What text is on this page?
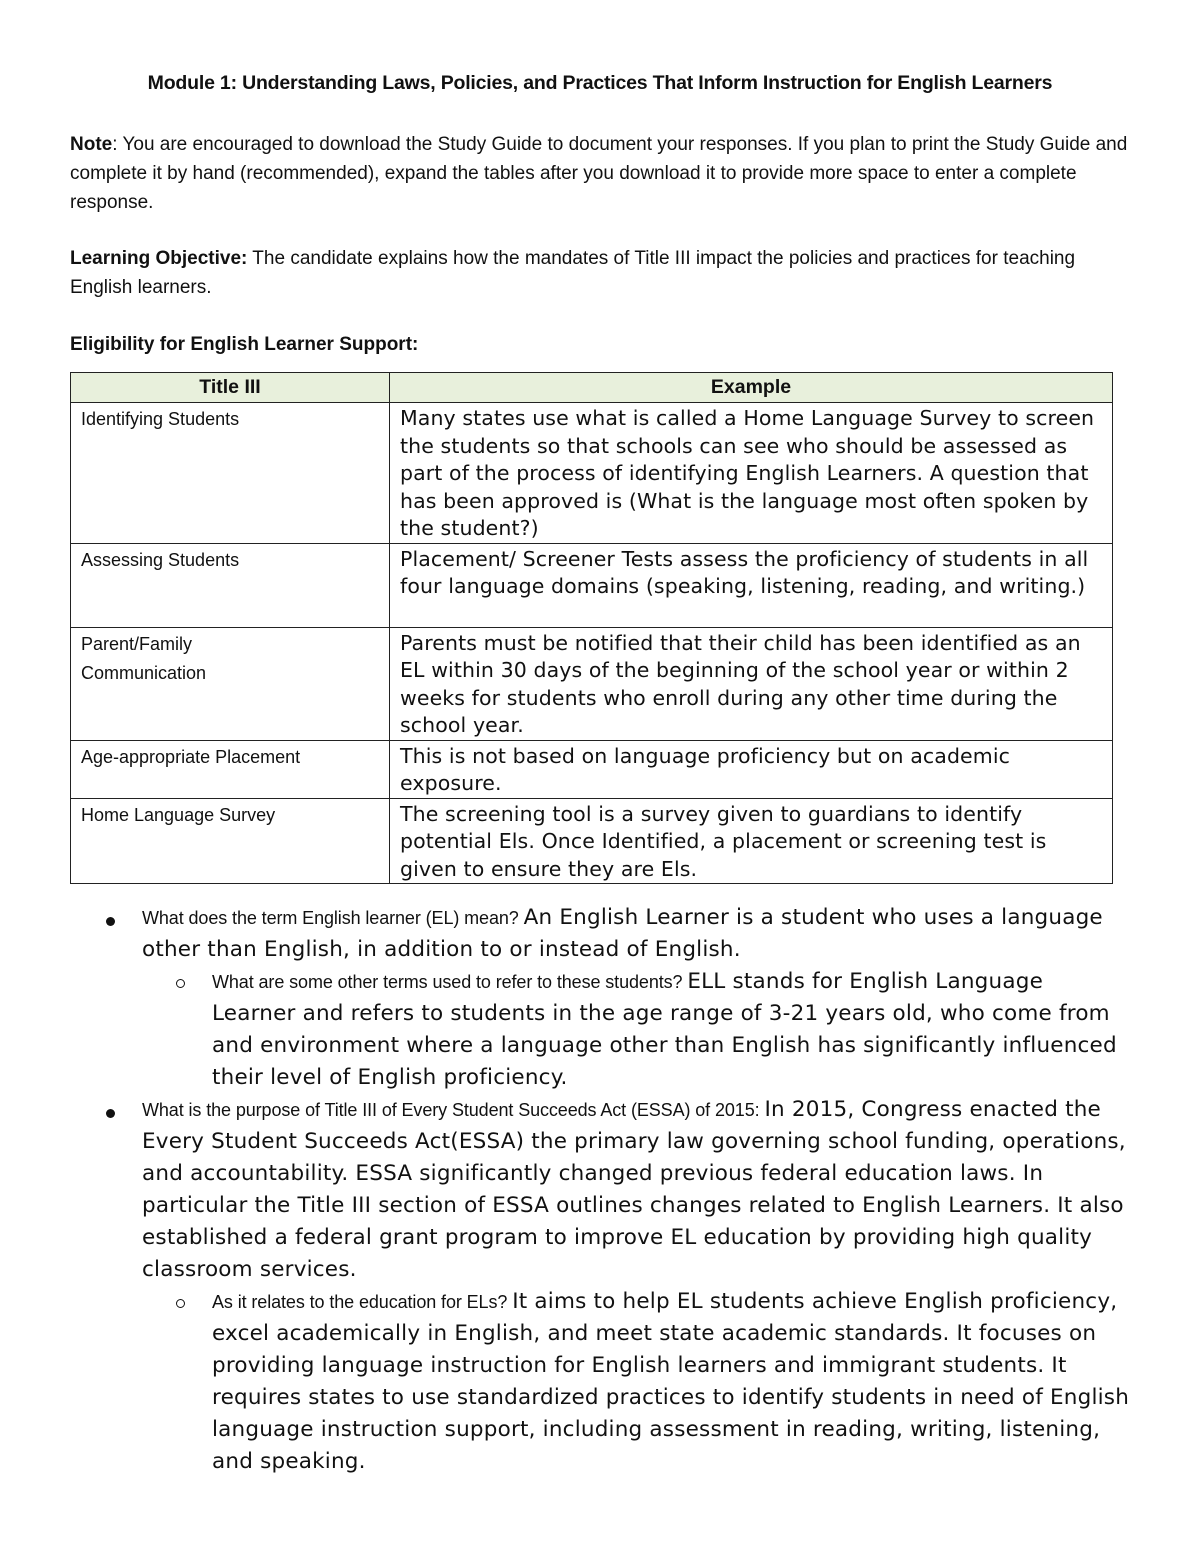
Module 1: Understanding Laws, Policies, and Practices That Inform Instruction for English Learners
Note: You are encouraged to download the Study Guide to document your responses. If you plan to print the Study Guide and complete it by hand (recommended), expand the tables after you download it to provide more space to enter a complete response.
Learning Objective: The candidate explains how the mandates of Title III impact the policies and practices for teaching English learners.
Eligibility for English Learner Support:
Title III	Example
Identifying Students	Many states use what is called a Home Language Survey to screen the students so that schools can see who should be assessed as part of the process of identifying English Learners. A question that has been approved is (What is the language most often spoken by the student?)
Assessing Students	Placement/ Screener Tests assess the proficiency of students in all four language domains (speaking, listening, reading, and writing.)
Parent/Family Communication	Parents must be notified that their child has been identified as an EL within 30 days of the beginning of the school year or within 2 weeks for students who enroll during any other time during the school year.
Age-appropriate Placement	This is not based on language proficiency but on academic exposure.
Home Language Survey	The screening tool is a survey given to guardians to identify potential Els. Once Identified, a placement or screening test is given to ensure they are Els.
What does the term English learner (EL) mean? An English Learner is a student who uses a language other than English, in addition to or instead of English.
What are some other terms used to refer to these students? ELL stands for English Language Learner and refers to students in the age range of 3-21 years old, who come from and environment where a language other than English has significantly influenced their level of English proficiency.
What is the purpose of Title III of Every Student Succeeds Act (ESSA) of 2015: In 2015, Congress enacted the Every Student Succeeds Act(ESSA) the primary law governing school funding, operations, and accountability. ESSA significantly changed previous federal education laws. In particular the Title III section of ESSA outlines changes related to English Learners. It also established a federal grant program to improve EL education by providing high quality classroom services.
As it relates to the education for ELs? It aims to help EL students achieve English proficiency, excel academically in English, and meet state academic standards. It focuses on providing language instruction for English learners and immigrant students. It requires states to use standardized practices to identify students in need of English language instruction support, including assessment in reading, writing, listening, and speaking.
